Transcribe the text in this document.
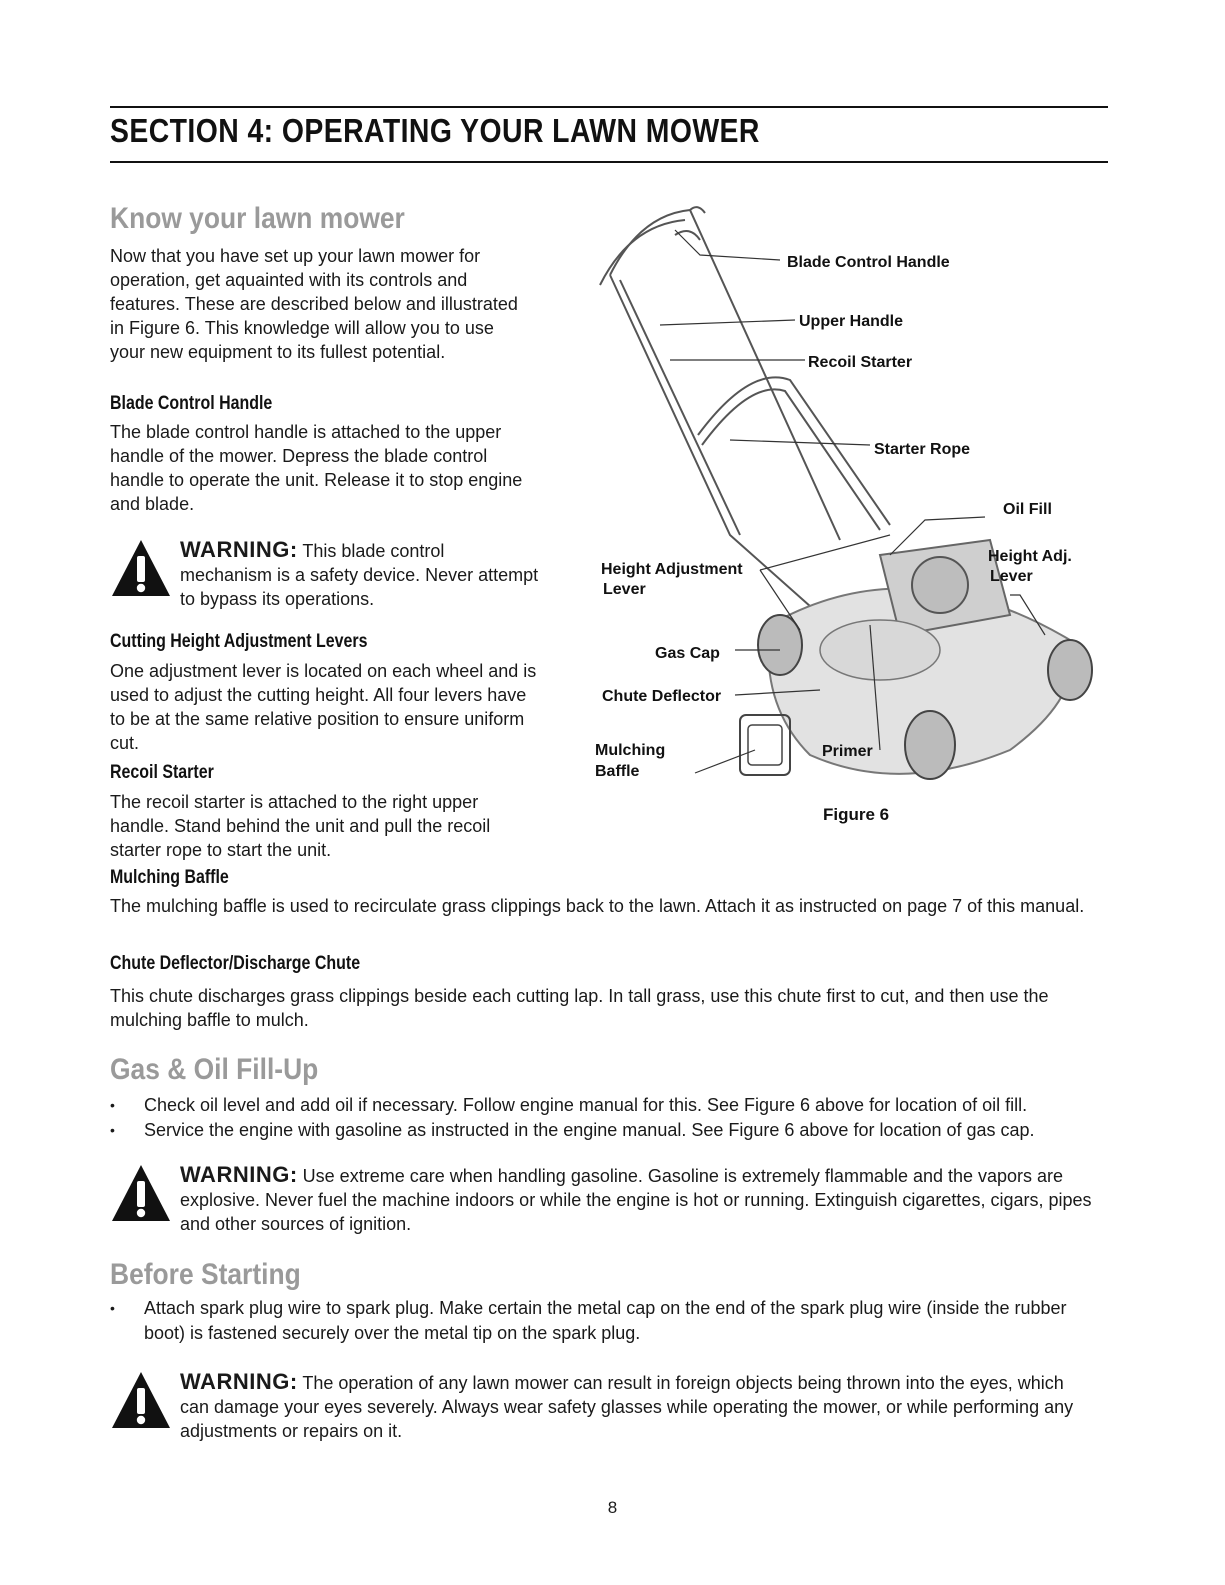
SECTION 4: OPERATING YOUR LAWN MOWER
Know your lawn mower

Now that you have set up your lawn mower for operation, get aquainted with its controls and features. These are described below and illustrated in Figure 6. This knowledge will allow you to use your new equipment to its fullest potential.

Blade Control Handle

The blade control handle is attached to the upper handle of the mower. Depress the blade control handle to operate the unit. Release it to stop engine and blade.

WARNING: This blade control mechanism is a safety device. Never attempt to bypass its operations.

Cutting Height Adjustment Levers

One adjustment lever is located on each wheel and is used to adjust the cutting height. All four levers have to be at the same relative position to ensure uniform cut.

Recoil Starter

The recoil starter is attached to the right upper handle. Stand behind the unit and pull the recoil starter rope to start the unit.

Mulching Baffle

The mulching baffle is used to recirculate grass clippings back to the lawn. Attach it as instructed on page 7 of this manual.

Chute Deflector/Discharge Chute

This chute discharges grass clippings beside each cutting lap. In tall grass, use this chute first to cut, and then use the mulching baffle to mulch.

Blade Control Handle
Upper Handle
Recoil Starter
Starter Rope
Oil Fill
Height Adj.
Lever
Height Adjustment
Lever
Gas Cap
Chute Deflector
Mulching
Baffle
Primer
Figure 6
Gas & Oil Fill-Up
• Check oil level and add oil if necessary. Follow engine manual for this. See Figure 6 above for location of oil fill.
• Service the engine with gasoline as instructed in the engine manual. See Figure 6 above for location of gas cap.

WARNING: Use extreme care when handling gasoline. Gasoline is extremely flammable and the vapors are explosive. Never fuel the machine indoors or while the engine is hot or running. Extinguish cigarettes, cigars, pipes and other sources of ignition.

Before Starting
• Attach spark plug wire to spark plug. Make certain the metal cap on the end of the spark plug wire (inside the rubber boot) is fastened securely over the metal tip on the spark plug.

WARNING: The operation of any lawn mower can result in foreign objects being thrown into the eyes, which can damage your eyes severely. Always wear safety glasses while operating the mower, or while performing any adjustments or repairs on it.

8
